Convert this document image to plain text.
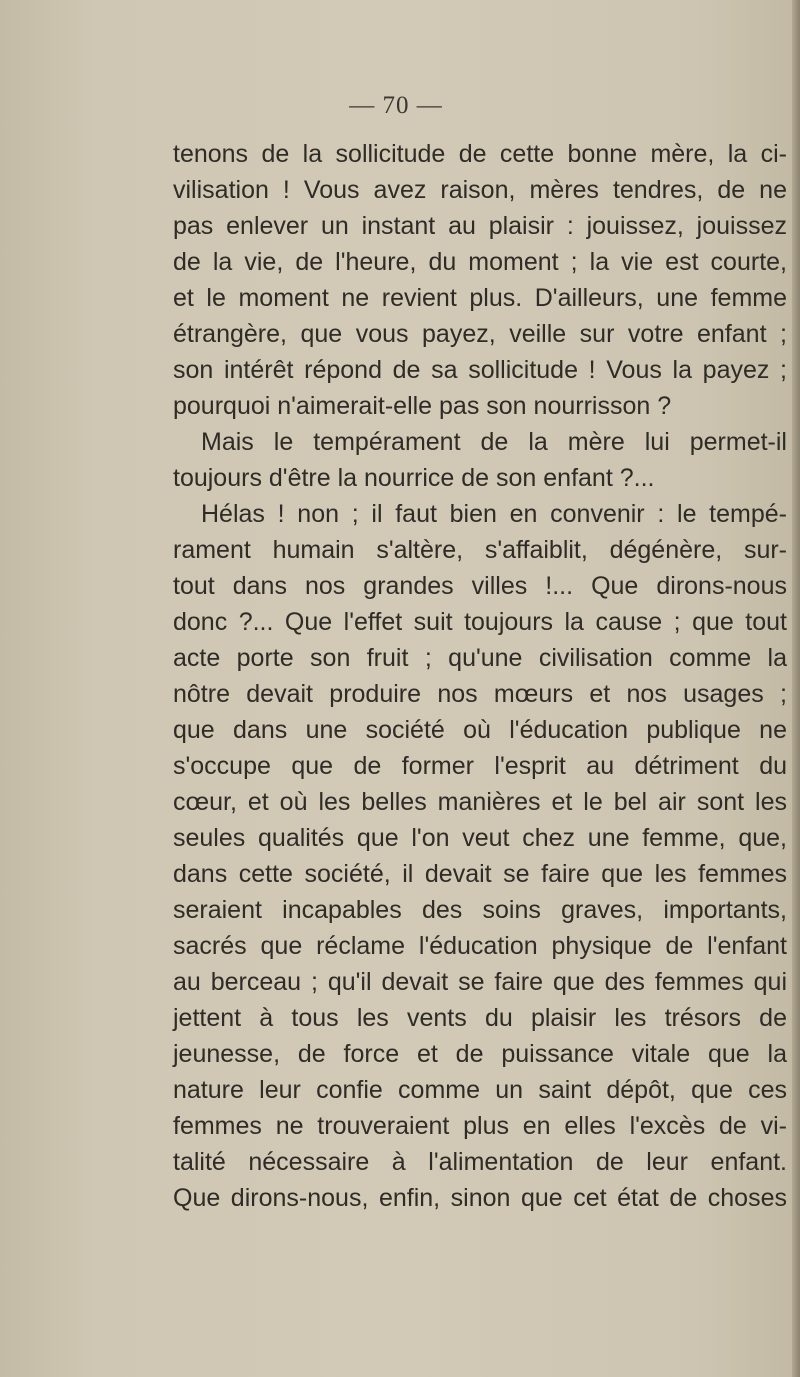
— 70 —
tenons de la sollicitude de cette bonne mère, la ci-
vilisation ! Vous avez raison, mères tendres, de ne
pas enlever un instant au plaisir : jouissez, jouissez
de la vie, de l'heure, du moment ; la vie est courte,
et le moment ne revient plus. D'ailleurs, une femme
étrangère, que vous payez, veille sur votre enfant ;
son intérêt répond de sa sollicitude ! Vous la payez ;
pourquoi n'aimerait-elle pas son nourrisson ?
Mais le tempérament de la mère lui permet-il
toujours d'être la nourrice de son enfant ?...
Hélas ! non ; il faut bien en convenir : le tempé-
rament humain s'altère, s'affaiblit, dégénère, sur-
tout dans nos grandes villes !... Que dirons-nous
donc ?... Que l'effet suit toujours la cause ; que tout
acte porte son fruit ; qu'une civilisation comme la
nôtre devait produire nos mœurs et nos usages ;
que dans une société où l'éducation publique ne
s'occupe que de former l'esprit au détriment du
cœur, et où les belles manières et le bel air sont les
seules qualités que l'on veut chez une femme, que,
dans cette société, il devait se faire que les femmes
seraient incapables des soins graves, importants,
sacrés que réclame l'éducation physique de l'enfant
au berceau ; qu'il devait se faire que des femmes qui
jettent à tous les vents du plaisir les trésors de
jeunesse, de force et de puissance vitale que la
nature leur confie comme un saint dépôt, que ces
femmes ne trouveraient plus en elles l'excès de vi-
talité nécessaire à l'alimentation de leur enfant.
Que dirons-nous, enfin, sinon que cet état de choses
